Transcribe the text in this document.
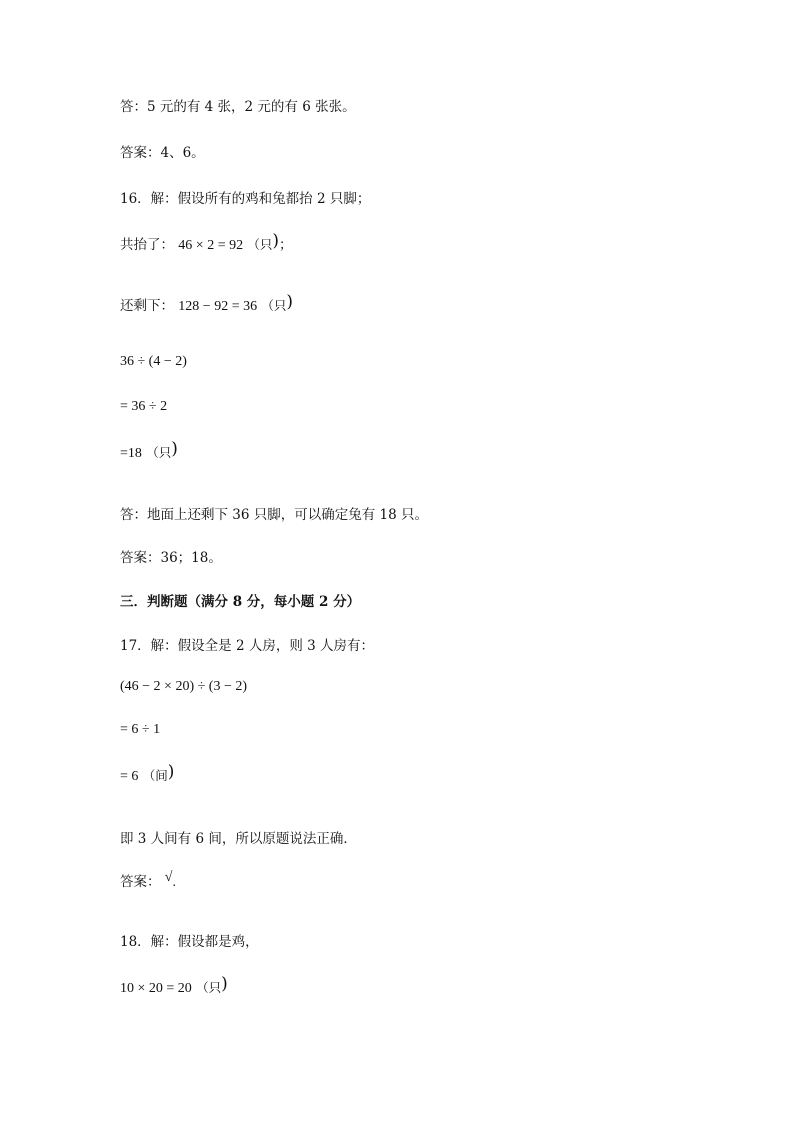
答：5 元的有 4 张，2 元的有 6 张张。
答案：4、6。
16．解：假设所有的鸡和兔都抬 2 只脚；
共抬了： 46 × 2 = 92 （只)；
还剩下： 128 − 92 = 36 （只)
36 ÷ (4 − 2)
= 36 ÷ 2
=18 （只)
答：地面上还剩下 36 只脚，可以确定兔有 18 只。
答案：36；18。
三．判断题（满分 8 分，每小题 2 分）
17．解：假设全是 2 人房，则 3 人房有：
(46 − 2 × 20) ÷ (3 − 2)
= 6 ÷ 1
= 6 （间)
即 3 人间有 6 间，所以原题说法正确．
答案： √.
18．解：假设都是鸡，
10 × 20 = 20 （只)
